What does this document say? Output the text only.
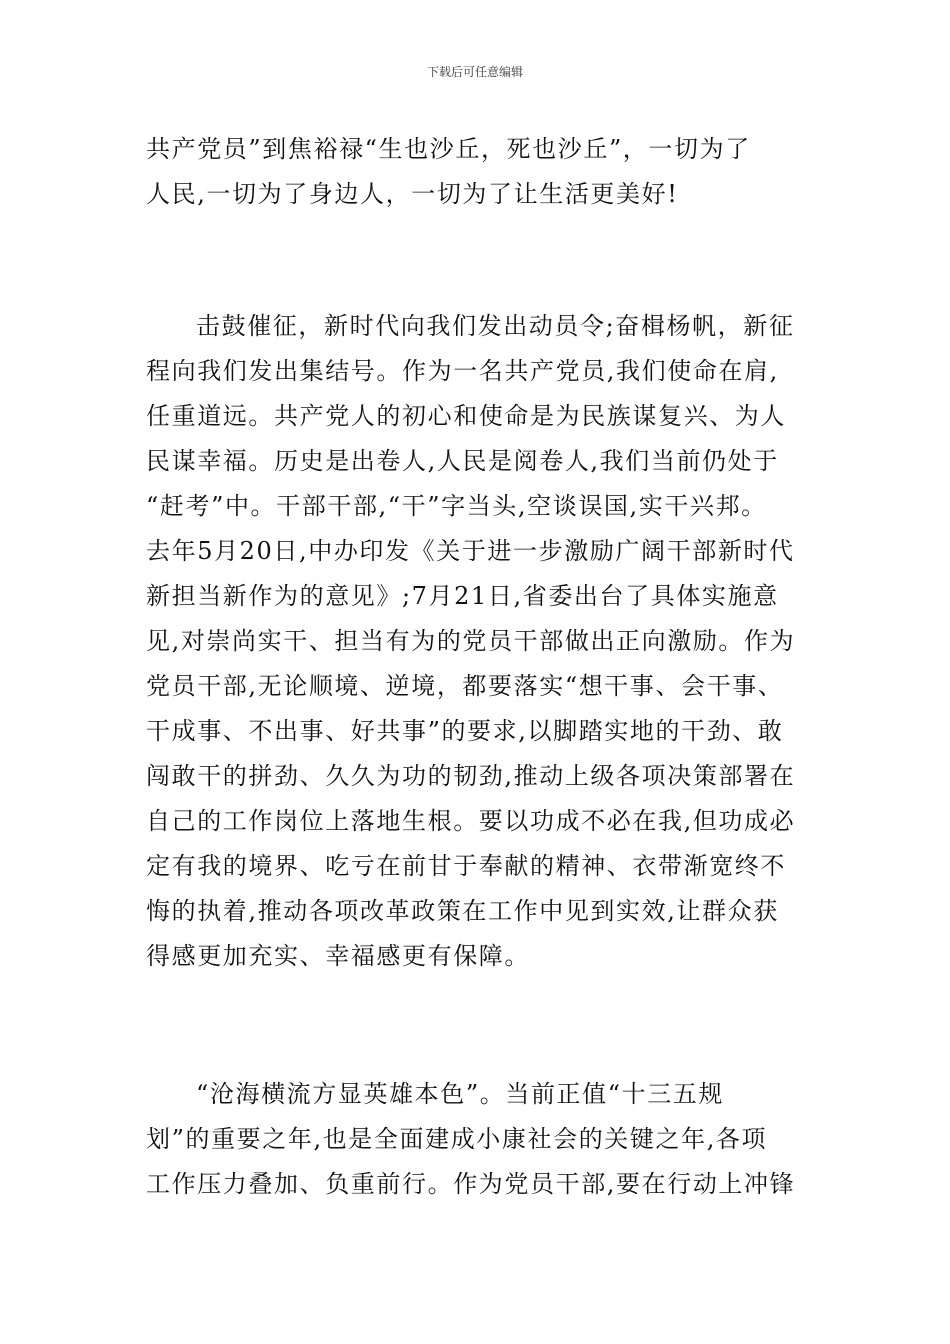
下载后可任意编辑
共产党员”到焦裕禄“生也沙丘，死也沙丘”，一切为了
人民,一切为了身边人，一切为了让生活更美好!
击鼓催征，新时代向我们发出动员令;奋楫杨帆，新征
程向我们发出集结号。作为一名共产党员,我们使命在肩,
任重道远。共产党人的初心和使命是为民族谋复兴、为人
民谋幸福。历史是出卷人,人民是阅卷人,我们当前仍处于
“赶考”中。干部干部,“干”字当头,空谈误国,实干兴邦。
去年5月20日,中办印发《关于进一步激励广阔干部新时代
新担当新作为的意见》;7月21日,省委出台了具体实施意
见,对崇尚实干、担当有为的党员干部做出正向激励。作为
党员干部,无论顺境、逆境，都要落实“想干事、会干事、
干成事、不出事、好共事”的要求,以脚踏实地的干劲、敢
闯敢干的拼劲、久久为功的韧劲,推动上级各项决策部署在
自己的工作岗位上落地生根。要以功成不必在我,但功成必
定有我的境界、吃亏在前甘于奉献的精神、衣带渐宽终不
悔的执着,推动各项改革政策在工作中见到实效,让群众获
得感更加充实、幸福感更有保障。
“沧海横流方显英雄本色”。当前正值“十三五规
划”的重要之年,也是全面建成小康社会的关键之年,各项
工作压力叠加、负重前行。作为党员干部,要在行动上冲锋
